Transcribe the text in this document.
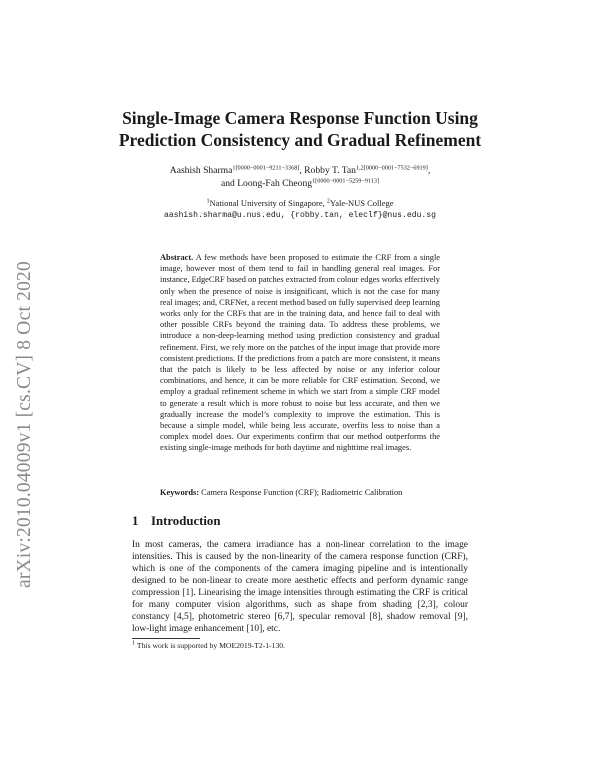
arXiv:2010.04009v1 [cs.CV] 8 Oct 2020
Single-Image Camera Response Function Using
Prediction Consistency and Gradual Refinement
Aashish Sharma$^{1[0000-0001-9211-3368]}$, Robby T. Tan$^{1,2[0000-0001-7532-6919]}$,
and Loong-Fah Cheong$^{1[0000-0001-5259-9113]}$
$^1$National University of Singapore, $^2$Yale-NUS College
aashish.sharma@u.nus.edu, {robby.tan, eleclf}@nus.edu.sg
Abstract. A few methods have been proposed to estimate the CRF from a single image, however most of them tend to fail in handling general real images. For instance, EdgeCRF based on patches extracted from colour edges works effectively only when the presence of noise is insignificant, which is not the case for many real images; and, CRFNet, a recent method based on fully supervised deep learning works only for the CRFs that are in the training data, and hence fail to deal with other possible CRFs beyond the training data. To address these problems, we introduce a non-deep-learning method using prediction consistency and gradual refinement. First, we rely more on the patches of the input image that provide more consistent predictions. If the predictions from a patch are more consistent, it means that the patch is likely to be less affected by noise or any inferior colour combinations, and hence, it can be more reliable for CRF estimation. Second, we employ a gradual refinement scheme in which we start from a simple CRF model to generate a result which is more robust to noise but less accurate, and then we gradually increase the model’s complexity to improve the estimation. This is because a simple model, while being less accurate, overfits less to noise than a complex model does. Our experiments confirm that our method outperforms the existing single-image methods for both daytime and nighttime real images.
Keywords: Camera Response Function (CRF); Radiometric Calibration
1 Introduction
In most cameras, the camera irradiance has a non-linear correlation to the image intensities. This is caused by the non-linearity of the camera response function (CRF), which is one of the components of the camera imaging pipeline and is intentionally designed to be non-linear to create more aesthetic effects and perform dynamic range compression [1]. Linearising the image intensities through estimating the CRF is critical for many computer vision algorithms, such as shape from shading [2,3], colour constancy [4,5], photometric stereo [6,7], specular removal [8], shadow removal [9], low-light image enhancement [10], etc.
$^1$ This work is supported by MOE2019-T2-1-130.
